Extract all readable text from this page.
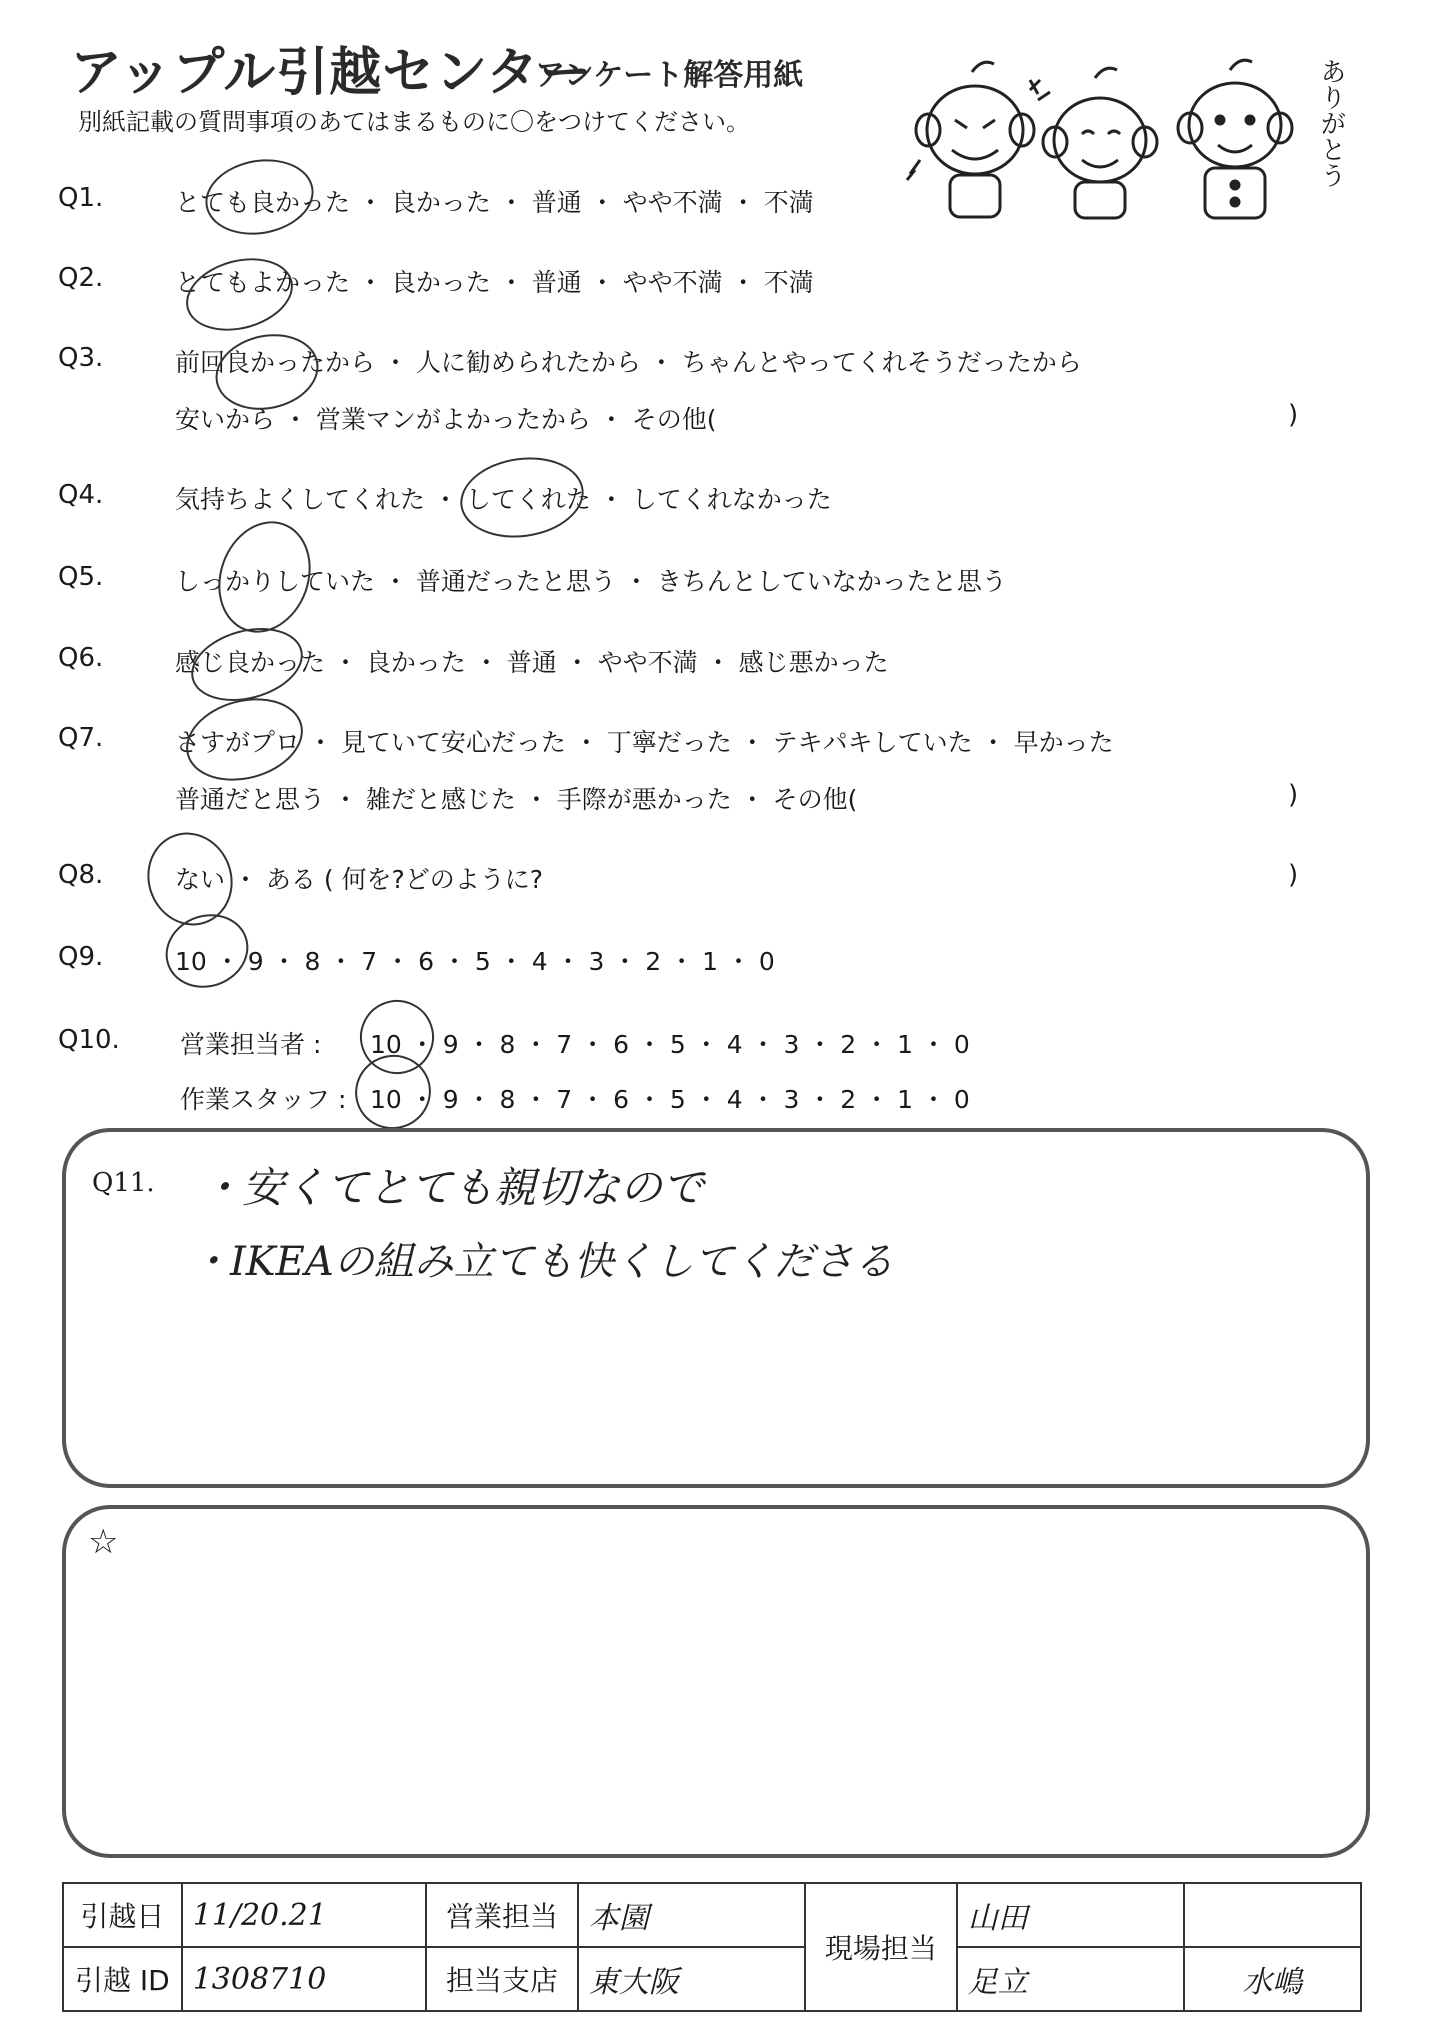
アップル引越センター
アンケート解答用紙
別紙記載の質問事項のあてはまるものに〇をつけてください。	ありがとう
Q1.	とても良かった ・ 良かった ・ 普通 ・ やや不満 ・ 不満
Q2.	とてもよかった ・ 良かった ・ 普通 ・ やや不満 ・ 不満
Q3.	前回良かったから ・ 人に勧められたから ・ ちゃんとやってくれそうだったから
安いから ・ 営業マンがよかったから ・ その他(	)
Q4.	気持ちよくしてくれた ・ してくれた ・ してくれなかった
Q5.	しっかりしていた ・ 普通だったと思う ・ きちんとしていなかったと思う
Q6.	感じ良かった ・ 良かった ・ 普通 ・ やや不満 ・ 感じ悪かった
Q7.	さすがプロ ・ 見ていて安心だった ・ 丁寧だった ・ テキパキしていた ・ 早かった
普通だと思う ・ 雑だと感じた ・ 手際が悪かった ・ その他(	)
Q8.	ない ・ ある ( 何を?どのように?	)
Q9.	10 ・ 9 ・ 8 ・ 7 ・ 6 ・ 5 ・ 4 ・ 3 ・ 2 ・ 1 ・ 0
Q10. 営業担当者 : 10 ・ 9 ・ 8 ・ 7 ・ 6 ・ 5 ・ 4 ・ 3 ・ 2 ・ 1 ・ 0
作業スタッフ : 10 ・ 9 ・ 8 ・ 7 ・ 6 ・ 5 ・ 4 ・ 3 ・ 2 ・ 1 ・ 0
Q11. ・安くてとても親切なので
・IKEAの組み立ても快くしてくださる
☆
引越日	11/20.21	営業担当	本園	現場担当	山田	
引越 ID	1308710	担当支店	東大阪		足立	水嶋
